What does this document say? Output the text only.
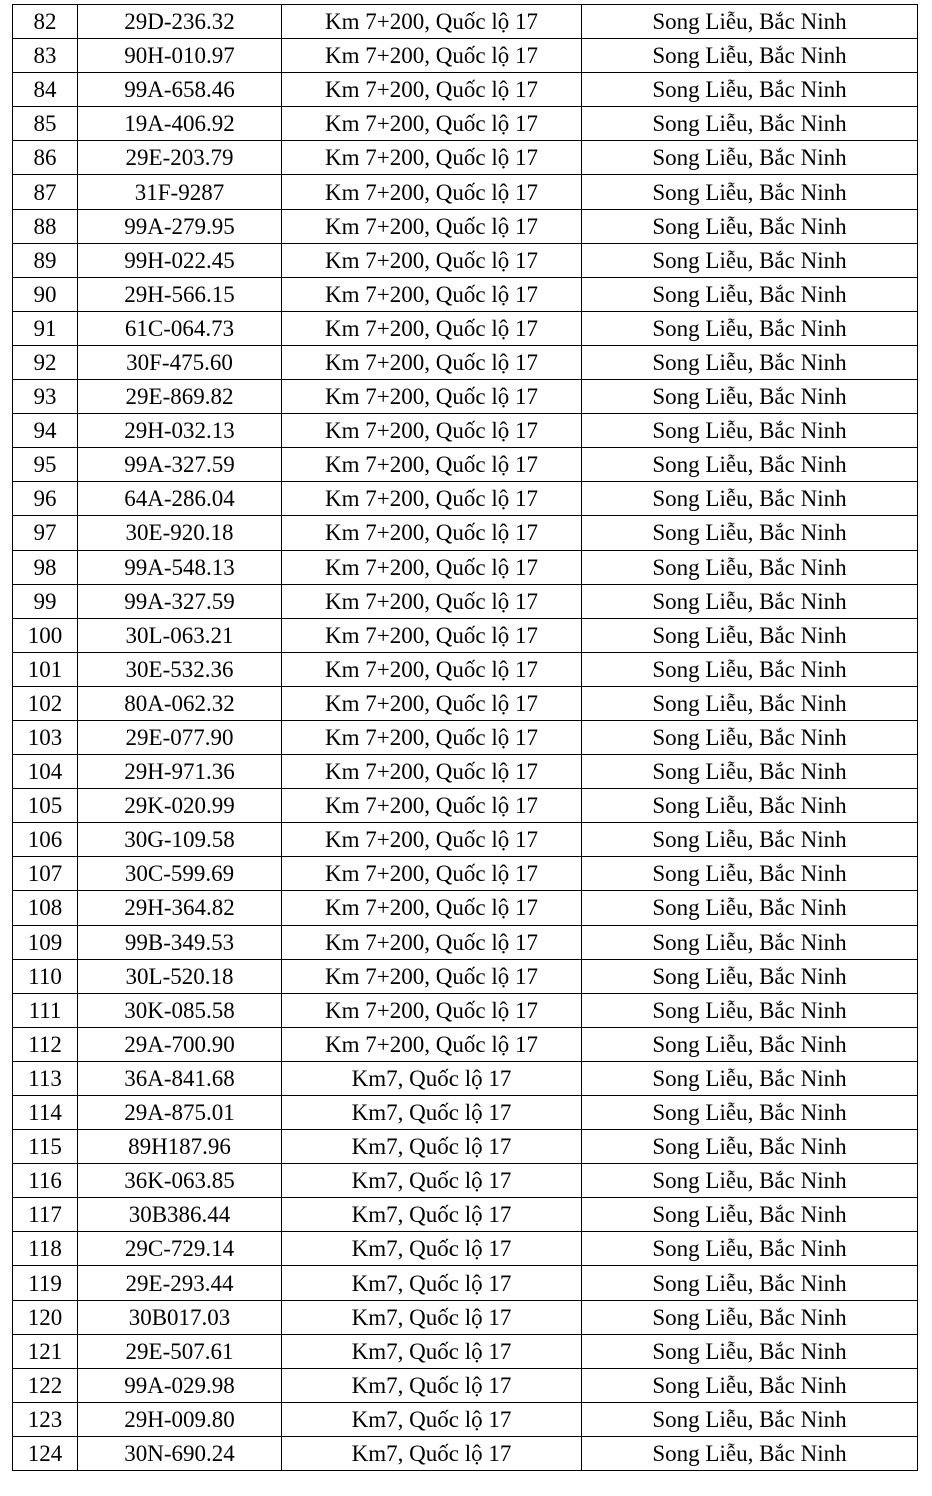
82	29D-236.32	Km 7+200, Quốc lộ 17	Song Liễu, Bắc Ninh
83	90H-010.97	Km 7+200, Quốc lộ 17	Song Liễu, Bắc Ninh
84	99A-658.46	Km 7+200, Quốc lộ 17	Song Liễu, Bắc Ninh
85	19A-406.92	Km 7+200, Quốc lộ 17	Song Liễu, Bắc Ninh
86	29E-203.79	Km 7+200, Quốc lộ 17	Song Liễu, Bắc Ninh
87	31F-9287	Km 7+200, Quốc lộ 17	Song Liễu, Bắc Ninh
88	99A-279.95	Km 7+200, Quốc lộ 17	Song Liễu, Bắc Ninh
89	99H-022.45	Km 7+200, Quốc lộ 17	Song Liễu, Bắc Ninh
90	29H-566.15	Km 7+200, Quốc lộ 17	Song Liễu, Bắc Ninh
91	61C-064.73	Km 7+200, Quốc lộ 17	Song Liễu, Bắc Ninh
92	30F-475.60	Km 7+200, Quốc lộ 17	Song Liễu, Bắc Ninh
93	29E-869.82	Km 7+200, Quốc lộ 17	Song Liễu, Bắc Ninh
94	29H-032.13	Km 7+200, Quốc lộ 17	Song Liễu, Bắc Ninh
95	99A-327.59	Km 7+200, Quốc lộ 17	Song Liễu, Bắc Ninh
96	64A-286.04	Km 7+200, Quốc lộ 17	Song Liễu, Bắc Ninh
97	30E-920.18	Km 7+200, Quốc lộ 17	Song Liễu, Bắc Ninh
98	99A-548.13	Km 7+200, Quốc lộ 17	Song Liễu, Bắc Ninh
99	99A-327.59	Km 7+200, Quốc lộ 17	Song Liễu, Bắc Ninh
100	30L-063.21	Km 7+200, Quốc lộ 17	Song Liễu, Bắc Ninh
101	30E-532.36	Km 7+200, Quốc lộ 17	Song Liễu, Bắc Ninh
102	80A-062.32	Km 7+200, Quốc lộ 17	Song Liễu, Bắc Ninh
103	29E-077.90	Km 7+200, Quốc lộ 17	Song Liễu, Bắc Ninh
104	29H-971.36	Km 7+200, Quốc lộ 17	Song Liễu, Bắc Ninh
105	29K-020.99	Km 7+200, Quốc lộ 17	Song Liễu, Bắc Ninh
106	30G-109.58	Km 7+200, Quốc lộ 17	Song Liễu, Bắc Ninh
107	30C-599.69	Km 7+200, Quốc lộ 17	Song Liễu, Bắc Ninh
108	29H-364.82	Km 7+200, Quốc lộ 17	Song Liễu, Bắc Ninh
109	99B-349.53	Km 7+200, Quốc lộ 17	Song Liễu, Bắc Ninh
110	30L-520.18	Km 7+200, Quốc lộ 17	Song Liễu, Bắc Ninh
111	30K-085.58	Km 7+200, Quốc lộ 17	Song Liễu, Bắc Ninh
112	29A-700.90	Km 7+200, Quốc lộ 17	Song Liễu, Bắc Ninh
113	36A-841.68	Km7, Quốc lộ 17	Song Liễu, Bắc Ninh
114	29A-875.01	Km7, Quốc lộ 17	Song Liễu, Bắc Ninh
115	89H187.96	Km7, Quốc lộ 17	Song Liễu, Bắc Ninh
116	36K-063.85	Km7, Quốc lộ 17	Song Liễu, Bắc Ninh
117	30B386.44	Km7, Quốc lộ 17	Song Liễu, Bắc Ninh
118	29C-729.14	Km7, Quốc lộ 17	Song Liễu, Bắc Ninh
119	29E-293.44	Km7, Quốc lộ 17	Song Liễu, Bắc Ninh
120	30B017.03	Km7, Quốc lộ 17	Song Liễu, Bắc Ninh
121	29E-507.61	Km7, Quốc lộ 17	Song Liễu, Bắc Ninh
122	99A-029.98	Km7, Quốc lộ 17	Song Liễu, Bắc Ninh
123	29H-009.80	Km7, Quốc lộ 17	Song Liễu, Bắc Ninh
124	30N-690.24	Km7, Quốc lộ 17	Song Liễu, Bắc Ninh
